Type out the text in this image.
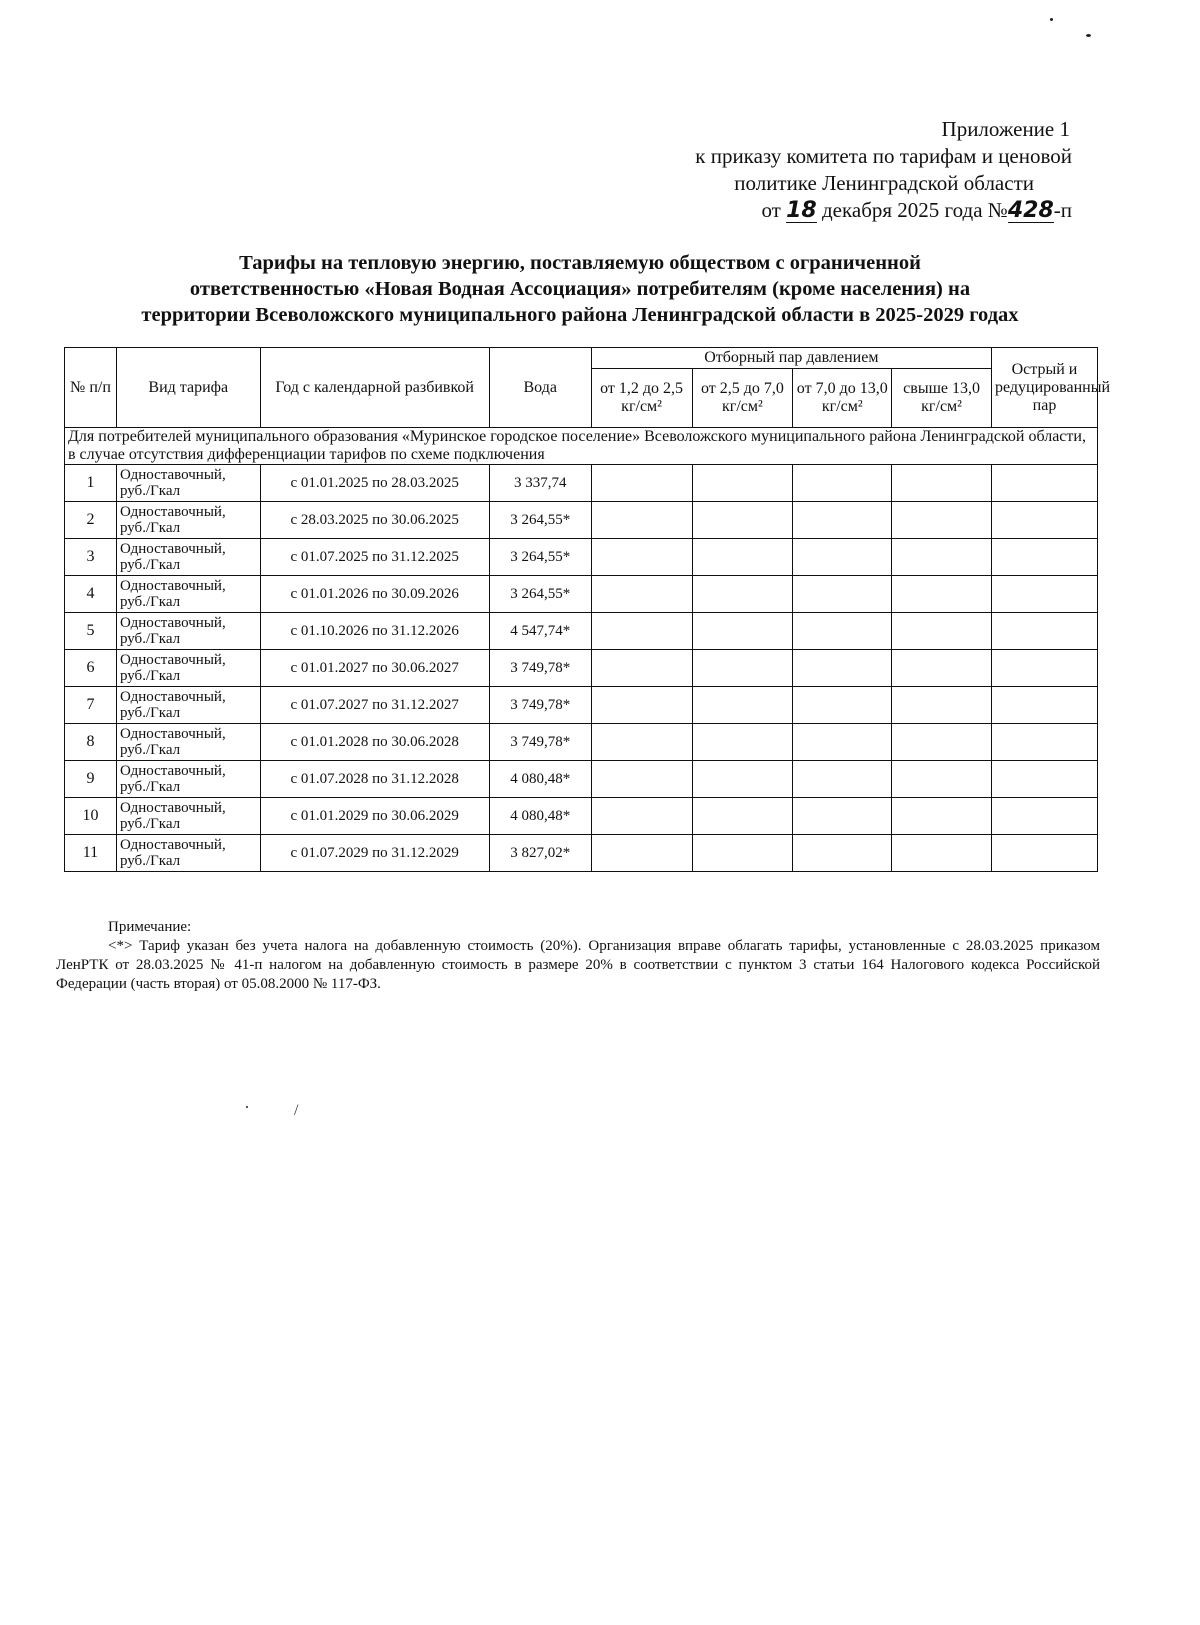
Приложение 1
к приказу комитета по тарифам и ценовой
политике Ленинградской области
от 18 декабря 2025 года №428-п
Тарифы на тепловую энергию, поставляемую обществом с ограниченной
ответственностью «Новая Водная Ассоциация» потребителям (кроме населения) на
территории Всеволожского муниципального района Ленинградской области в 2025-2029 годах
№ п/п	Вид тарифа	Год с календарной разбивкой	Вода	Отборный пар давлением				Острый и редуцированный пар
				от 1,2 до 2,5 кг/см²	от 2,5 до 7,0 кг/см²	от 7,0 до 13,0 кг/см²	свыше 13,0 кг/см²	
Для потребителей муниципального образования «Муринское городское поселение» Всеволожского муниципального района Ленинградской области, в случае отсутствия дифференциации тарифов по схеме подключения								
1	Одноставочный, руб./Гкал	с 01.01.2025 по 28.03.2025	3 337,74					
2	Одноставочный, руб./Гкал	с 28.03.2025 по 30.06.2025	3 264,55*					
3	Одноставочный, руб./Гкал	с 01.07.2025 по 31.12.2025	3 264,55*					
4	Одноставочный, руб./Гкал	с 01.01.2026 по 30.09.2026	3 264,55*					
5	Одноставочный, руб./Гкал	с 01.10.2026 по 31.12.2026	4 547,74*					
6	Одноставочный, руб./Гкал	с 01.01.2027 по 30.06.2027	3 749,78*					
7	Одноставочный, руб./Гкал	с 01.07.2027 по 31.12.2027	3 749,78*					
8	Одноставочный, руб./Гкал	с 01.01.2028 по 30.06.2028	3 749,78*					
9	Одноставочный, руб./Гкал	с 01.07.2028 по 31.12.2028	4 080,48*					
10	Одноставочный, руб./Гкал	с 01.01.2029 по 30.06.2029	4 080,48*					
11	Одноставочный, руб./Гкал	с 01.07.2029 по 31.12.2029	3 827,02*					
Примечание:
<*> Тариф указан без учета налога на добавленную стоимость (20%). Организация вправе облагать тарифы, установленные с 28.03.2025 приказом ЛенРТК от 28.03.2025 № 41-п налогом на добавленную стоимость в размере 20% в соответствии с пунктом 3 статьи 164 Налогового кодекса Российской Федерации (часть вторая) от 05.08.2000 № 117-ФЗ.
/
